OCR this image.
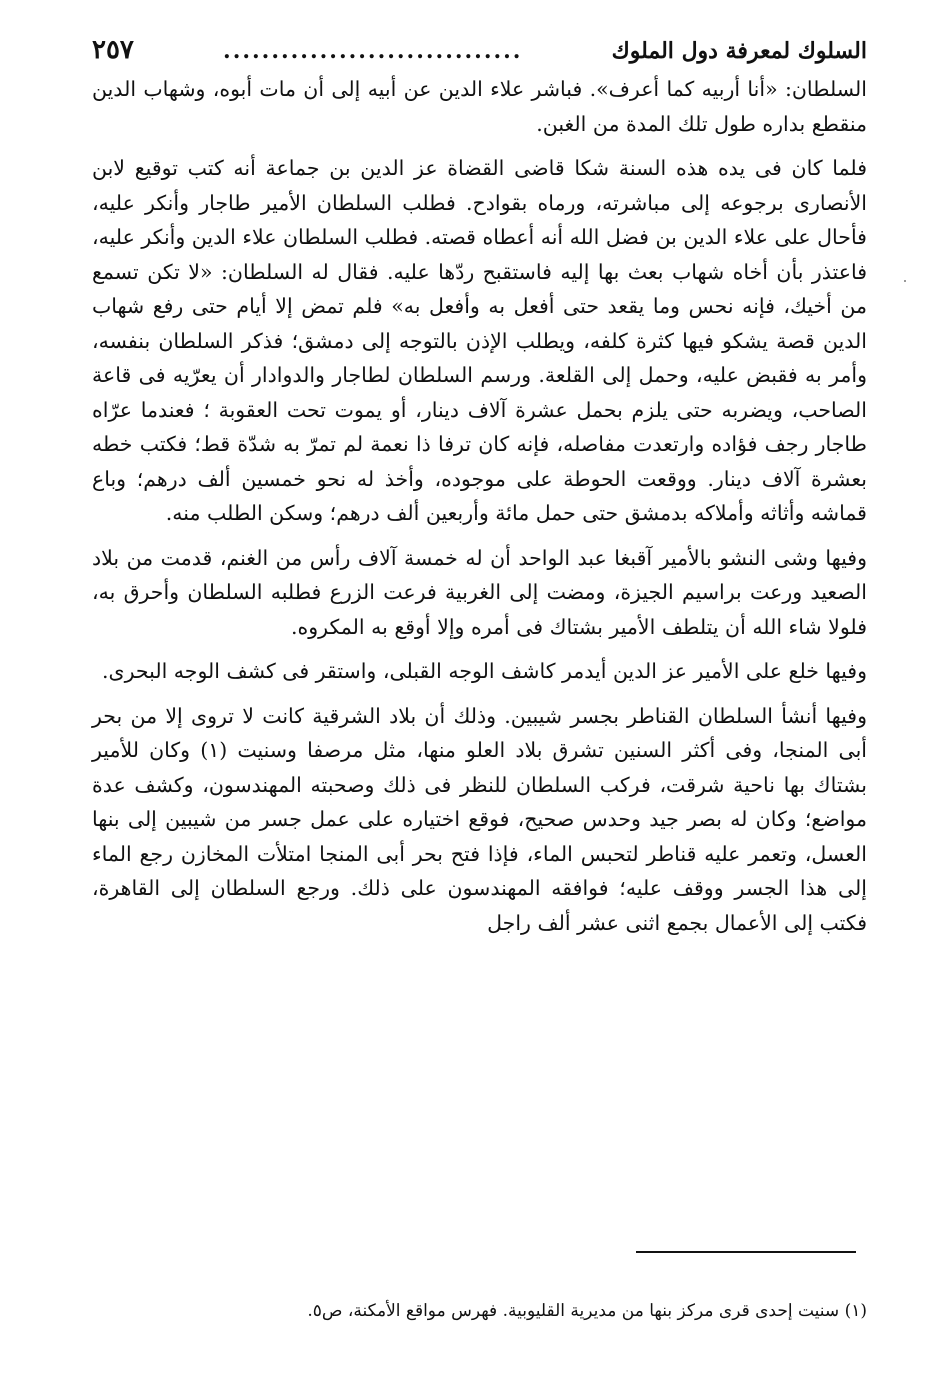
السلوك لمعرفة دول الملوك
...............................
٢٥٧

السلطان: «أنا أربيه كما أعرف». فباشر علاء الدين عن أبيه إلى أن مات أبوه، وشهاب الدين منقطع بداره طول تلك المدة من الغبن.

فلما كان فى يده هذه السنة شكا قاضى القضاة عز الدين بن جماعة أنه كتب توقيع لابن الأنصارى برجوعه إلى مباشرته، ورماه بقوادح. فطلب السلطان الأمير طاجار وأنكر عليه، فأحال على علاء الدين بن فضل الله أنه أعطاه قصته. فطلب السلطان علاء الدين وأنكر عليه، فاعتذر بأن أخاه شهاب بعث بها إليه فاستقبح ردّها عليه. فقال له السلطان: «لا تكن تسمع من أخيك، فإنه نحس وما يقعد حتى أفعل به وأفعل به» فلم تمض إلا أيام حتى رفع شهاب الدين قصة يشكو فيها كثرة كلفه، ويطلب الإذن بالتوجه إلى دمشق؛ فذكر السلطان بنفسه، وأمر به فقبض عليه، وحمل إلى القلعة. ورسم السلطان لطاجار والدوادار أن يعرّيه فى قاعة الصاحب، ويضربه حتى يلزم بحمل عشرة آلاف دينار، أو يموت تحت العقوبة ؛ فعندما عرّاه طاجار رجف فؤاده وارتعدت مفاصله، فإنه كان ترفا ذا نعمة لم تمرّ به شدّة قط؛ فكتب خطه بعشرة آلاف دينار. ووقعت الحوطة على موجوده، وأخذ له نحو خمسين ألف درهم؛ وباع قماشه وأثاثه وأملاكه بدمشق حتى حمل مائة وأربعين ألف درهم؛ وسكن الطلب منه.

وفيها وشى النشو بالأمير آقبغا عبد الواحد أن له خمسة آلاف رأس من الغنم، قدمت من بلاد الصعيد ورعت براسيم الجيزة، ومضت إلى الغربية فرعت الزرع فطلبه السلطان وأحرق به، فلولا شاء الله أن يتلطف الأمير بشتاك فى أمره وإلا أوقع به المكروه.

وفيها خلع على الأمير عز الدين أيدمر كاشف الوجه القبلى، واستقر فى كشف الوجه البحرى.

وفيها أنشأ السلطان القناطر بجسر شيبين. وذلك أن بلاد الشرقية كانت لا تروى إلا من بحر أبى المنجا، وفى أكثر السنين تشرق بلاد العلو منها، مثل مرصفا وسنيت (١) وكان للأمير بشتاك بها ناحية شرقت، فركب السلطان للنظر فى ذلك وصحبته المهندسون، وكشف عدة مواضع؛ وكان له بصر جيد وحدس صحيح، فوقع اختياره على عمل جسر من شيبين إلى بنها العسل، وتعمر عليه قناطر لتحبس الماء، فإذا فتح بحر أبى المنجا امتلأت المخازن رجع الماء إلى هذا الجسر ووقف عليه؛ فوافقه المهندسون على ذلك. ورجع السلطان إلى القاهرة، فكتب إلى الأعمال بجمع اثنى عشر ألف راجل

(١) سنيت إحدى قرى مركز بنها من مديرية القليوبية. فهرس مواقع الأمكنة، ص٥.
